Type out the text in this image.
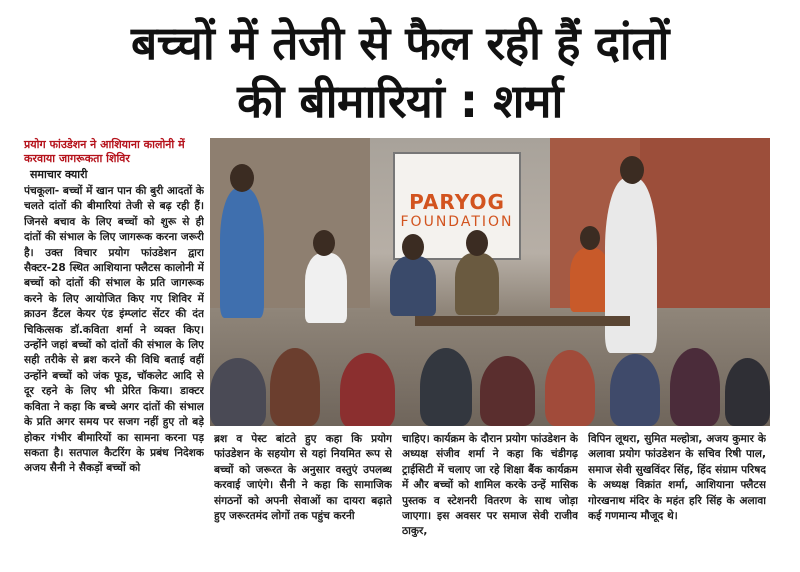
बच्चों में तेजी से फैल रही हैं दांतों
की बीमारियां : शर्मा
प्रयोग फांउडेशन ने आशियाना कालोनी में करवाया जागरूकता शिविर
समाचार क्यारी
पंचकूला- बच्चों में खान पान की बुरी आदतों के चलते दांतों की बीमारियां तेजी से बढ़ रही हैं। जिनसे बचाव के लिए बच्चों को शुरू से ही दांतों की संभाल के लिए जागरूक करना जरूरी है। उक्त विचार प्रयोग फांउडेशन द्वारा सैक्टर-28 स्थित आशियाना फ्लैटस कालोनी में बच्चों को दांतों की संभाल के प्रति जागरूक करने के लिए आयोजित किए गए शिविर में क्राउन डैंटल केयर एंड इंम्प्लांट सेंटर की दंत चिकित्सक डॉ.कविता शर्मा ने व्यक्त किए। उन्होंने जहां बच्चों को दांतों की संभाल के लिए सही तरीके से ब्रश करने की विधि बताई वहीं उन्होंने बच्चों को जंक फूड, चॉकलेट आदि से दूर रहने के लिए भी प्रेरित किया। डाक्टर कविता ने कहा कि बच्चे अगर दांतों की संभाल के प्रति अगर समय पर सजग नहीं हुए तो बड़े होकर गंभीर बीमारियों का सामना करना पड़ सकता है। सतपाल कैटरिंग के प्रबंध निदेशक अजय सैनी ने सैकड़ों बच्चों को
PARYOG
FOUNDATION
ब्रश व पेस्ट बांटते हुए कहा कि प्रयोग फांउडेशन के सहयोग से यहां नियमित रूप से बच्चों को जरूरत के अनुसार वस्तुएं उपलब्ध करवाई जाएंगे। सैनी ने कहा कि सामाजिक संगठनों को अपनी सेवाओं का दायरा बढ़ाते हुए जरूरतमंद लोगों तक पहुंच करनी
चाहिए। कार्यक्रम के दौरान प्रयोग फांउडेशन के अध्यक्ष संजीव शर्मा ने कहा कि चंडीगढ़ ट्राईसिटी में चलाए जा रहे शिक्षा बैंक कार्यक्रम में और बच्चों को शामिल करके उन्हें मासिक पुस्तक व स्टेशनरी वितरण के साथ जोड़ा जाएगा। इस अवसर पर समाज सेवी राजीव ठाकुर,
विपिन लूथरा, सुमित मल्होत्रा, अजय कुमार के अलावा प्रयोग फांउडेशन के सचिव रिषी पाल, समाज सेवी सुखविंदर सिंह, हिंद संग्राम परिषद के अध्यक्ष विक्रांत शर्मा, आशियाना फ्लैटस गोरखनाथ मंदिर के महंत हरि सिंह के अलावा कई गणमान्य मौजूद थे।
